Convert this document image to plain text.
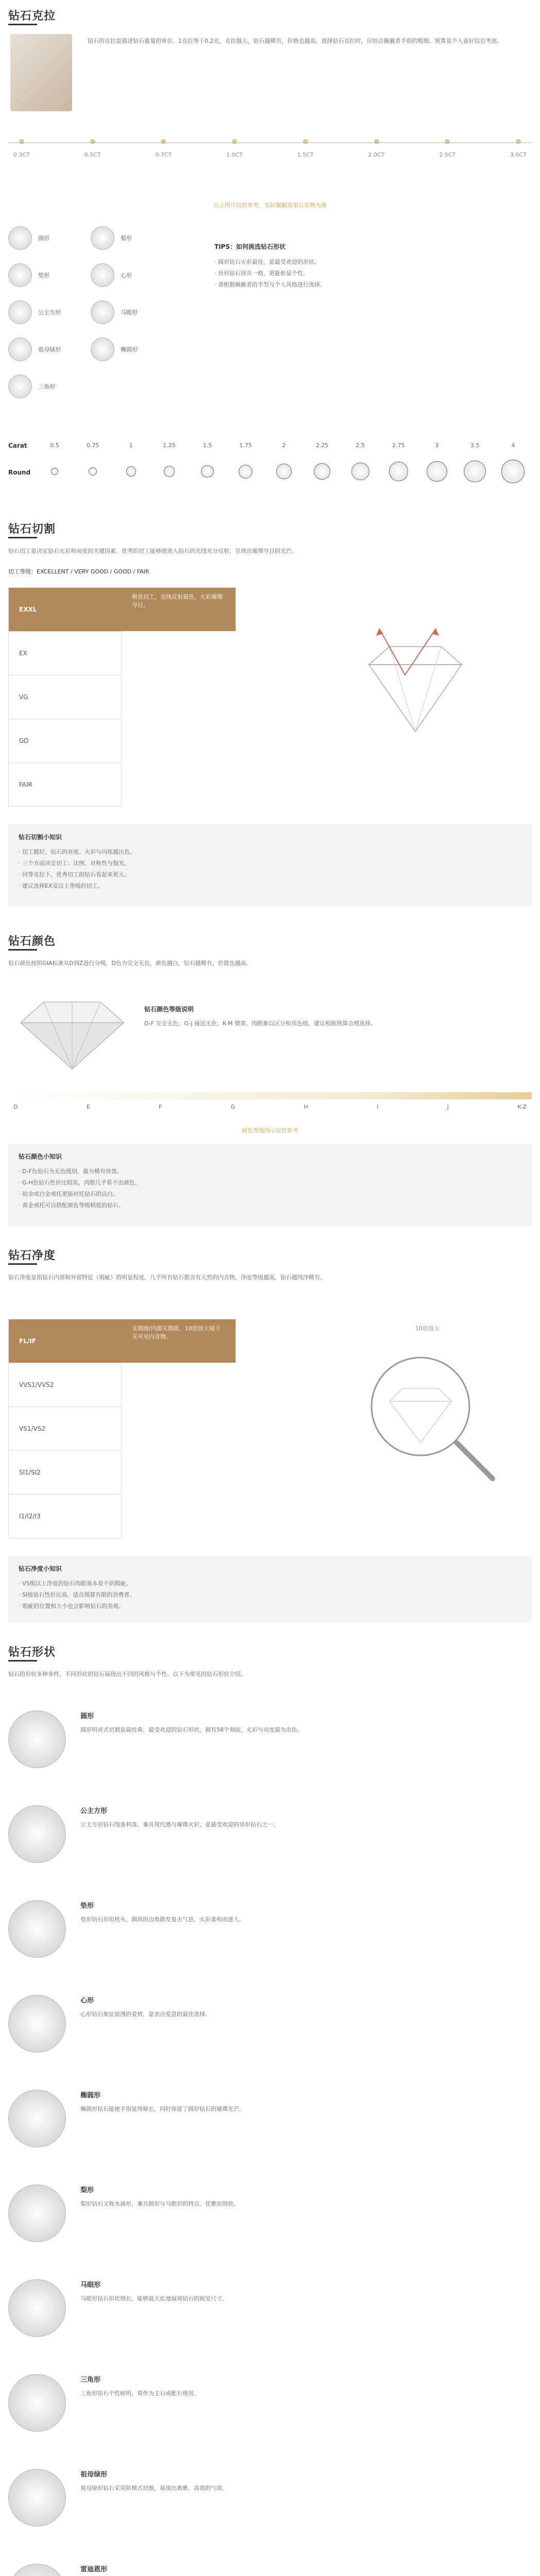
钻石克拉
钻石的克拉是描述钻石重量的单位。1克拉等于0.2克，克拉越大，钻石越稀有，价格也越高。选择钻石克拉时，应结合佩戴者手指的粗细、预算及个人喜好综合考虑。
0.3CT	0.5CT	0.7CT	1.0CT	1.5CT	2.0CT	2.5CT	3.0CT
以上图片仅供参考，实际佩戴效果以实物为准
圆形	梨形
垫形	心形
公主方形	马眼形
祖母绿形	椭圆形
三角形
TIPS：如何挑选钻石形状
· 圆形钻石火彩最佳，是最受欢迎的形状。
· 异形钻石别具一格，更能彰显个性。
· 请根据佩戴者的手型与个人风格进行选择。
Carat
Round
0.5	0.75	1	1.25	1.5	1.75	2	2.25	2.5	2.75	3	3.5	4
钻石切割
钻石切工是决定钻石火彩和亮度的关键因素。优秀的切工能够使进入钻石的光线充分反射，呈现出璀璨夺目的光芒。
切工等级：EXCELLENT / VERY GOOD / GOOD / FAIR
EXXL
EX
VG
GD
FAIR
极优切工，光线反射最佳，火彩璀璨夺目。
钻石切割小知识
· 切工越好，钻石的亮度、火彩与闪烁越出色。
· 三个方面决定切工：比例、对称性与抛光。
· 同等克拉下，优秀切工的钻石看起来更大。
· 建议选择EX及以上等级的切工。
钻石颜色
钻石颜色按照GIA标准从D到Z进行分级，D色为完全无色，颜色越白，钻石越稀有，价值也越高。
钻石颜色等级说明
D-F 完全无色；G-J 接近无色；K-M 微黄。肉眼难以区分相邻色级，建议根据预算合理选择。
D	E	F	G	H	I	J	K-Z
颜色等级图示仅供参考
钻石颜色小知识
· D-F色钻石为无色级别，最为稀有珍贵。
· G-H色钻石性价比较高，肉眼几乎看不出颜色。
· 铂金或白金戒托更能衬托钻石的洁白。
· 黄金戒托可以搭配颜色等级稍低的钻石。
钻石净度
钻石净度是指钻石内部和外部特征（瑕疵）的明显程度。几乎所有钻石都含有天然的内含物，净度等级越高，钻石越纯净稀有。
FL/IF
VVS1/VVS2
VS1/VS2
SI1/SI2
I1/I2/I3
无瑕级/内部无瑕级，10倍放大镜下无可见内含物。
10倍放大
钻石净度小知识
· VS级以上净度的钻石肉眼基本看不到瑕疵。
· SI级钻石性价比高，适合预算有限的消费者。
· 瑕疵的位置和大小也会影响钻石的美观。
钻石形状
钻石的形状多种多样，不同形状的钻石展现出不同的风格与个性。以下为常见的钻石形状介绍。
圆形
圆形明亮式切割是最经典、最受欢迎的钻石形状，拥有58个刻面，火彩与亮度最为出色。
公主方形
公主方形钻石线条利落，兼具现代感与璀璨火彩，是最受欢迎的异形钻石之一。
垫形
垫形钻石形似枕头，圆润的边角散发复古气息，火彩柔和而迷人。
心形
心形钻石象征浪漫的爱情，是表达爱意的最佳选择。
椭圆形
椭圆形钻石能使手指显得修长，同时保留了圆形钻石的璀璨光芒。
梨形
梨形钻石又称水滴形，兼具圆形与马眼形的特点，优雅而别致。
马眼形
马眼形钻石形状细长，能够最大化地展现钻石的视觉尺寸。
三角形
三角形钻石个性鲜明，常作为主石或配石使用。
祖母绿形
祖母绿形钻石采用阶梯式切割，展现出典雅、高贵的气质。
雷迪恩形
